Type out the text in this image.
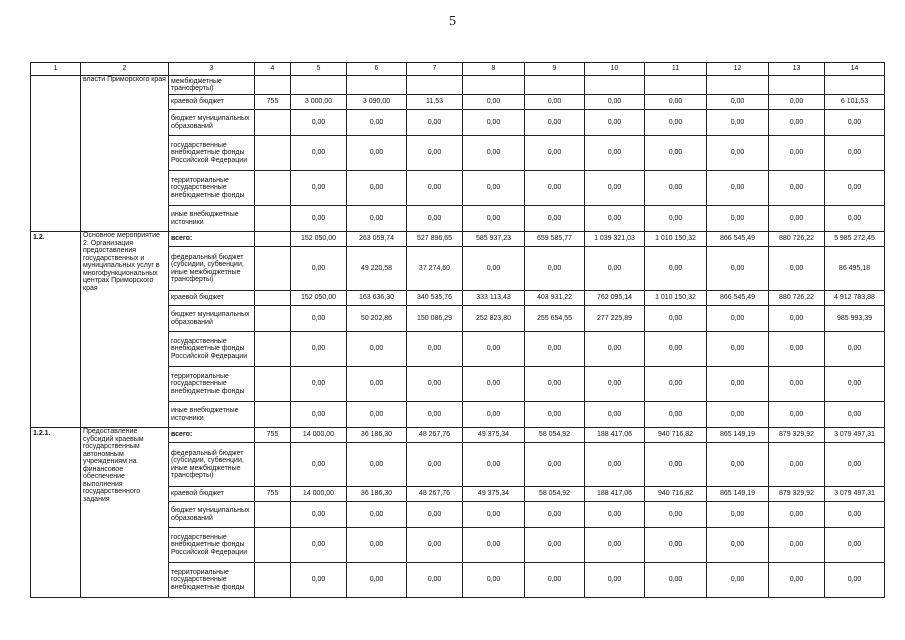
5
1	2	3	4	5	6	7	8	9	10	11	12	13	14
	власти Приморского края	межбюджетные трансферты)											
		краевой бюджет	755	3 000,00	3 090,00	11,53	0,00	0,00	0,00	0,00	0,00	0,00	6 101,53
		бюджет муниципальных образований		0,00	0,00	0,00	0,00	0,00	0,00	0,00	0,00	0,00	0,00
		государственные внебюджетные фонды Российской Федерации		0,00	0,00	0,00	0,00	0,00	0,00	0,00	0,00	0,00	0,00
		территориальные государственные внебюджетные фонды		0,00	0,00	0,00	0,00	0,00	0,00	0,00	0,00	0,00	0,00
		иные внебюджетные источники		0,00	0,00	0,00	0,00	0,00	0,00	0,00	0,00	0,00	0,00
1.2.	Основное мероприятие 2. Организация предоставления государственных и муниципальных услуг в многофункциональных центрах Приморского края	всего:		152 050,00	263 059,74	527 896,65	585 937,23	659 585,77	1 039 321,03	1 010 150,32	866 545,49	880 726,22	5 985 272,45
		федеральный бюджет (субсидии, субвенции, иные межбюджетные трансферты)		0,00	49 220,58	37 274,60	0,00	0,00	0,00	0,00	0,00	0,00	86 495,18
		краевой бюджет		152 050,00	163 636,30	340 535,76	333 113,43	403 931,22	762 095,14	1 010 150,32	866 545,49	880 726,22	4 912 783,88
		бюджет муниципальных образований		0,00	50 202,86	150 086,29	252 823,80	255 654,55	277 225,89	0,00	0,00	0,00	985 993,39
		государственные внебюджетные фонды Российской Федерации		0,00	0,00	0,00	0,00	0,00	0,00	0,00	0,00	0,00	0,00
		территориальные государственные внебюджетные фонды		0,00	0,00	0,00	0,00	0,00	0,00	0,00	0,00	0,00	0,00
		иные внебюджетные источники		0,00	0,00	0,00	0,00	0,00	0,00	0,00	0,00	0,00	0,00
1.2.1.	Предоставление субсидий краевым государственным автономным учреждениям на финансовое обеспечение выполнения государственного задания	всего:	755	14 000,00	36 186,30	48 267,76	49 375,34	58 054,92	188 417,06	940 716,82	865 149,19	879 329,92	3 079 497,31
		федеральный бюджет (субсидии, субвенции, иные межбюджетные трансферты)		0,00	0,00	0,00	0,00	0,00	0,00	0,00	0,00	0,00	0,00
		краевой бюджет	755	14 000,00	36 186,30	48 267,76	49 375,34	58 054,92	188 417,06	940 716,82	865 149,19	879 329,92	3 079 497,31
		бюджет муниципальных образований		0,00	0,00	0,00	0,00	0,00	0,00	0,00	0,00	0,00	0,00
		государственные внебюджетные фонды Российской Федерации		0,00	0,00	0,00	0,00	0,00	0,00	0,00	0,00	0,00	0,00
		территориальные государственные внебюджетные фонды		0,00	0,00	0,00	0,00	0,00	0,00	0,00	0,00	0,00	0,00
